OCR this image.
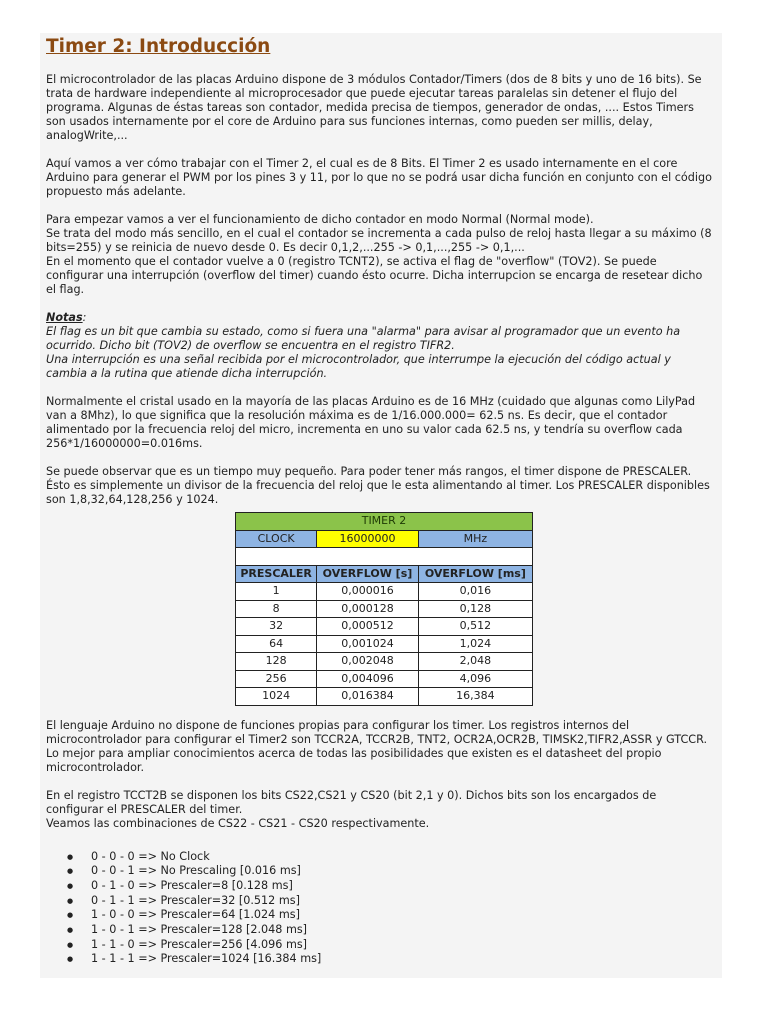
Timer 2: Introducción

El microcontrolador de las placas Arduino dispone de 3 módulos Contador/Timers (dos de 8 bits y uno de 16 bits). Se trata de hardware independiente al microprocesador que puede ejecutar tareas paralelas sin detener el flujo del programa. Algunas de éstas tareas son contador, medida precisa de tiempos, generador de ondas, .... Estos Timers son usados internamente por el core de Arduino para sus funciones internas, como pueden ser millis, delay, analogWrite,...

Aquí vamos a ver cómo trabajar con el Timer 2, el cual es de 8 Bits. El Timer 2 es usado internamente en el core Arduino para generar el PWM por los pines 3 y 11, por lo que no se podrá usar dicha función en conjunto con el código propuesto más adelante.

Para empezar vamos a ver el funcionamiento de dicho contador en modo Normal (Normal mode).

Se trata del modo más sencillo, en el cual el contador se incrementa a cada pulso de reloj hasta llegar a su máximo (8 bits=255) y se reinicia de nuevo desde 0. Es decir 0,1,2,...255 -> 0,1,...,255 -> 0,1,...

En el momento que el contador vuelve a 0 (registro TCNT2), se activa el flag de "overflow" (TOV2). Se puede configurar una interrupción (overflow del timer) cuando ésto ocurre. Dicha interrupcion se encarga de resetear dicho el flag.

Notas:

El flag es un bit que cambia su estado, como si fuera una "alarma" para avisar al programador que un evento ha ocurrido. Dicho bit (TOV2) de overflow se encuentra en el registro TIFR2.

Una interrupción es una señal recibida por el microcontrolador, que interrumpe la ejecución del código actual y cambia a la rutina que atiende dicha interrupción.

Normalmente el cristal usado en la mayoría de las placas Arduino es de 16 MHz (cuidado que algunas como LilyPad van a 8Mhz), lo que significa que la resolución máxima es de 1/16.000.000= 62.5 ns. Es decir, que el contador alimentado por la frecuencia reloj del micro, incrementa en uno su valor cada 62.5 ns, y tendría su overflow cada 256*1/16000000=0.016ms.

Se puede observar que es un tiempo muy pequeño. Para poder tener más rangos, el timer dispone de PRESCALER. Ésto es simplemente un divisor de la frecuencia del reloj que le esta alimentando al timer. Los PRESCALER disponibles son 1,8,32,64,128,256 y 1024.

TIMER 2		
CLOCK	16000000	MHz

PRESCALER	OVERFLOW [s]	OVERFLOW [ms]
1	0,000016	0,016
8	0,000128	0,128
32	0,000512	0,512
64	0,001024	1,024
128	0,002048	2,048
256	0,004096	4,096
1024	0,016384	16,384

El lenguaje Arduino no dispone de funciones propias para configurar los timer. Los registros internos del microcontrolador para configurar el Timer2 son TCCR2A, TCCR2B, TNT2, OCR2A,OCR2B, TIMSK2,TIFR2,ASSR y GTCCR. Lo mejor para ampliar conocimientos acerca de todas las posibilidades que existen es el datasheet del propio microcontrolador.

En el registro TCCT2B se disponen los bits CS22,CS21 y CS20 (bit 2,1 y 0). Dichos bits son los encargados de configurar el PRESCALER del timer.

Veamos las combinaciones de CS22 - CS21 - CS20 respectivamente.

● 0 - 0 - 0 => No Clock
● 0 - 0 - 1 => No Prescaling [0.016 ms]
● 0 - 1 - 0 => Prescaler=8 [0.128 ms]
● 0 - 1 - 1 => Prescaler=32 [0.512 ms]
● 1 - 0 - 0 => Prescaler=64 [1.024 ms]
● 1 - 0 - 1 => Prescaler=128 [2.048 ms]
● 1 - 1 - 0 => Prescaler=256 [4.096 ms]
● 1 - 1 - 1 => Prescaler=1024 [16.384 ms]
